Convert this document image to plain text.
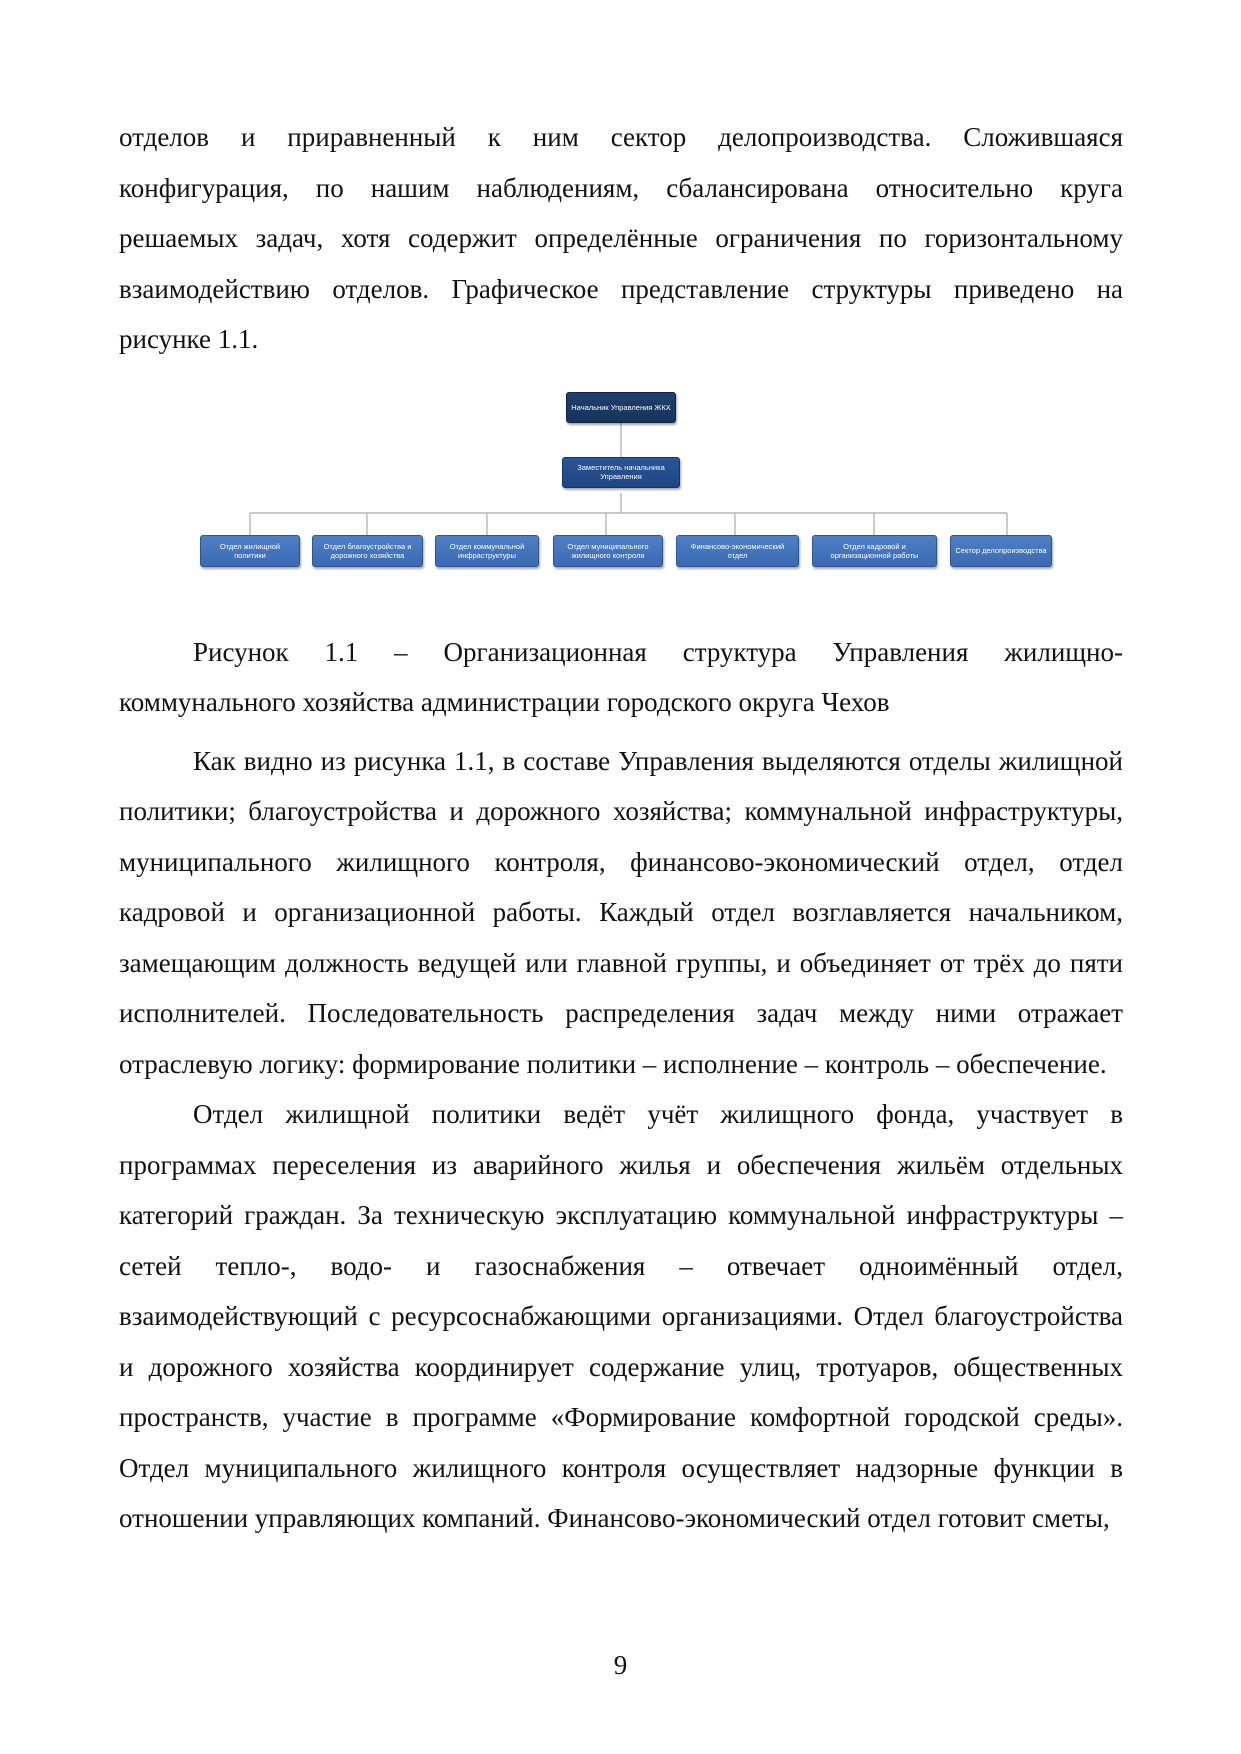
отделов и приравненный к ним сектор делопроизводства. Сложившаяся конфигурация, по нашим наблюдениям, сбалансирована относительно круга решаемых задач, хотя содержит определённые ограничения по горизонтальному взаимодействию отделов. Графическое представление структуры приведено на рисунке 1.1.

Начальник Управления ЖКХ
Заместитель начальника Управления
Отдел жилищной политики
Отдел благоустройства и дорожного хозяйства
Отдел коммунальной инфраструктуры
Отдел муниципального жилищного контроля
Финансово-экономический отдел
Отдел кадровой и организационной работы	Сектор делопроизводства

Рисунок 1.1 – Организационная структура Управления жилищно-коммунального хозяйства администрации городского округа Чехов

Как видно из рисунка 1.1, в составе Управления выделяются отделы жилищной политики; благоустройства и дорожного хозяйства; коммунальной инфраструктуры, муниципального жилищного контроля, финансово-экономический отдел, отдел кадровой и организационной работы. Каждый отдел возглавляется начальником, замещающим должность ведущей или главной группы, и объединяет от трёх до пяти исполнителей. Последовательность распределения задач между ними отражает отраслевую логику: формирование политики – исполнение – контроль – обеспечение.

Отдел жилищной политики ведёт учёт жилищного фонда, участвует в программах переселения из аварийного жилья и обеспечения жильём отдельных категорий граждан. За техническую эксплуатацию коммунальной инфраструктуры – сетей тепло-, водо- и газоснабжения – отвечает одноимённый отдел, взаимодействующий с ресурсоснабжающими организациями. Отдел благоустройства и дорожного хозяйства координирует содержание улиц, тротуаров, общественных пространств, участие в программе «Формирование комфортной городской среды». Отдел муниципального жилищного контроля осуществляет надзорные функции в отношении управляющих компаний. Финансово-экономический отдел готовит сметы,

9
